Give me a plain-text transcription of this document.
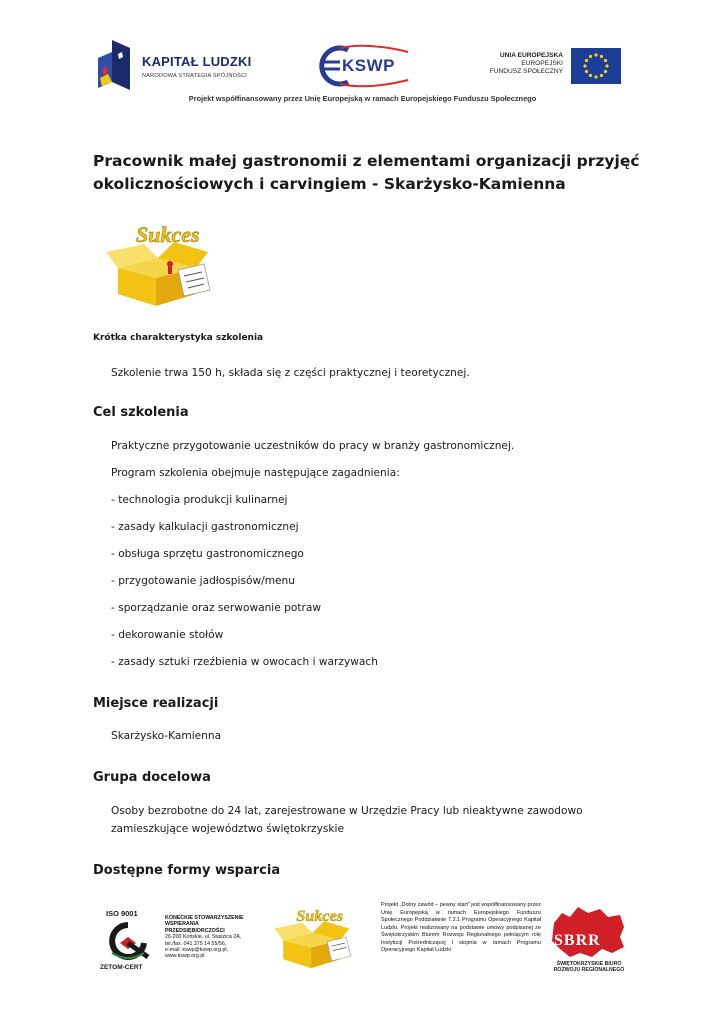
KAPITAŁ LUDZKI
NARODOWA STRATEGIA SPÓJNOŚCI
KSWP
UNIA EUROPEJSKA
EUROPEJSKI
FUNDUSZ SPOŁECZNY
Projekt współfinansowany przez Unię Europejską w ramach Europejskiego Funduszu Społecznego
Pracownik małej gastronomii z elementami organizacji przyjęć okolicznościowych i carvingiem - Skarżysko-Kamienna
Sukces

Krótka charakterystyka szkolenia

Szkolenie trwa 150 h, składa się z części praktycznej i teoretycznej.

Cel szkolenia

Praktyczne przygotowanie uczestników do pracy w branży gastronomicznej.

Program szkolenia obejmuje następujące zagadnienia:

- technologia produkcji kulinarnej

- zasady kalkulacji gastronomicznej

- obsługa sprzętu gastronomicznego

- przygotowanie jadłospisów/menu

- sporządzanie oraz serwowanie potraw

- dekorowanie stołów

- zasady sztuki rzeźbienia w owocach i warzywach

Miejsce realizacji

Skarżysko-Kamienna

Grupa docelowa

Osoby bezrobotne do 24 lat, zarejestrowane w Urzędzie Pracy lub nieaktywne zawodowo

zamieszkujące województwo świętokrzyskie

Dostępne formy wsparcia
ISO 9001
ZETOM-CERT
KONECKIE STOWARZYSZENIE
WSPIERANIA
PRZEDSIĘBIORCZOŚCI
26-200 Końskie, ul. Staszica 2A,
tel./fax. 041 375 14 55/56,
e-mail: kswp@kswp.org.pl,
www.kswp.org.pl
Sukces

Projekt „Dobry zawód – pewny start” jest współfinansowany przez Unię Europejską w ramach Europejskiego Funduszu Społecznego Poddziałanie 7.2.1 Programu Operacyjnego Kapitał Ludzki. Projekt realizowany na podstawie umowy podpisanej ze Świętokrzyskim Biurem Rozwoju Regionalnego pełniącym rolę Instytucji Pośredniczącej I stopnia w ramach Programu Operacyjnego Kapitał Ludzki

SBRR
ŚWIĘTOKRZYSKIE BIURO ROZWOJU REGIONALNEGO
